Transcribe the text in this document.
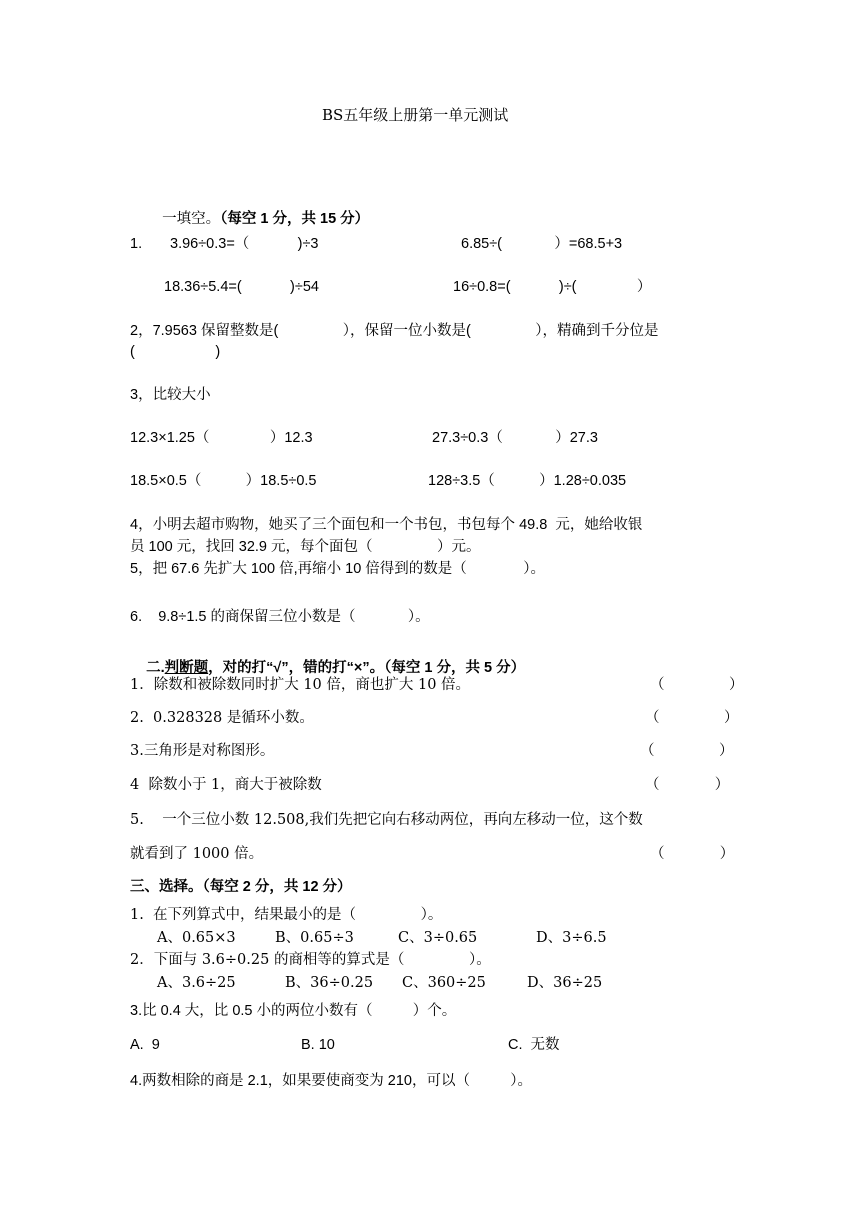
BS五年级上册第一单元测试

一填空。（每空 1 分，共 15 分）

1. 3.96÷0.3=（            )÷3	6.85÷(             ）=68.5+3
18.36÷5.4=(            )÷54	16÷0.8=(            )÷(               ）
2，7.9563 保留整数是(                ），保留一位小数是(                ），精确到千分位是
(                    )
3，比较大小
12.3×1.25（               ）12.3	27.3÷0.3（             ）27.3
18.5×0.5（           ）18.5÷0.5	128÷3.5（           ）1.28÷0.035
4，小明去超市购物，她买了三个面包和一个书包，书包每个 49.8  元，她给收银
员 100 元，找回 32.9 元，每个面包（                ）元。
5，把 67.6 先扩大 100 倍,再缩小 10 倍得到的数是（              ）。
6.    9.8÷1.5 的商保留三位小数是（             ）。

二.判断题，对的打“√”，错的打“×”。（每空 1 分，共 5 分）

1．除数和被除数同时扩大 10 倍，商也扩大 10 倍。	（              ）
2.  0.328328 是循环小数。	（              ）
3.三角形是对称图形。	（              ）
4  除数小于 1，商大于被除数	（            ）
5.    一个三位小数 12.508,我们先把它向右移动两位，再向左移动一位，这个数
就看到了 1000 倍。	（            ）
三、选择。（每空 2 分，共 12 分）
1.  在下列算式中，结果最小的是（              ）。
A、0.65×3	B、0.65÷3	C、3÷0.65	D、3÷6.5
2．下面与 3.6÷0.25 的商相等的算式是（              ）。
A、3.6÷25	B、36÷0.25 C、360÷25	D、36÷25
3.比 0.4 大，比 0.5 小的两位小数有（          ）个。
A.  9	B. 10	C.  无数
4.两数相除的商是 2.1，如果要使商变为 210，可以（          ）。
